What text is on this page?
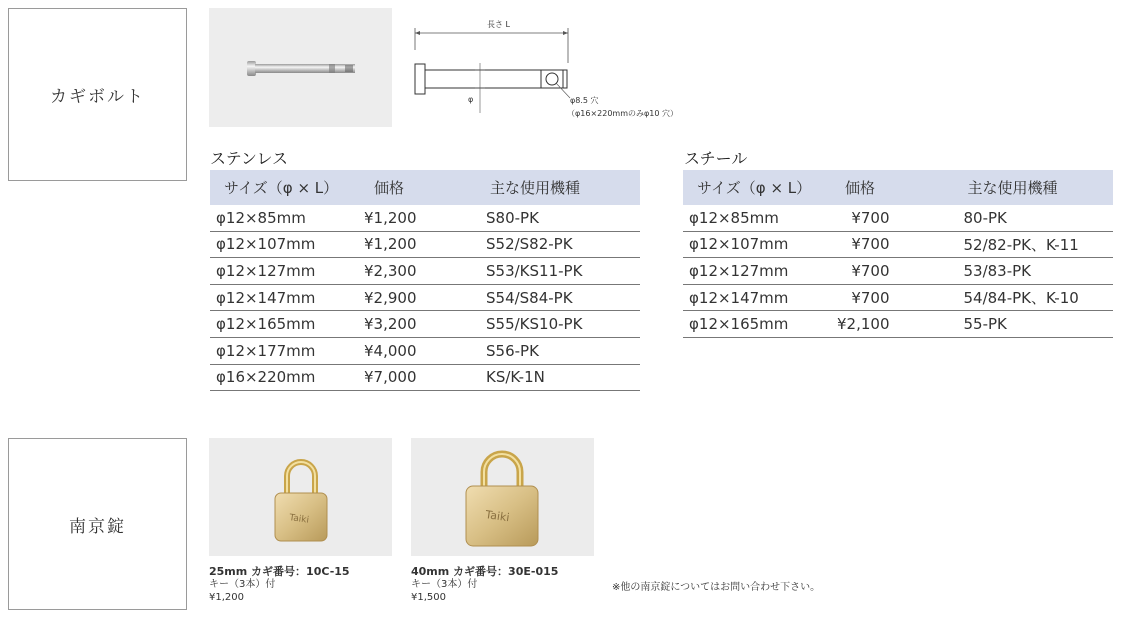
カギボルト
南京錠
長さ L
φ	φ8.5 穴
（φ16×220mmのみφ10 穴）
ステンレス
サイズ（φ × L）	価格	主な使用機種
φ12×85mm	¥1,200	S80-PK
φ12×107mm	¥1,200	S52/S82-PK
φ12×127mm	¥2,300	S53/KS11-PK
φ12×147mm	¥2,900	S54/S84-PK
φ12×165mm	¥3,200	S55/KS10-PK
φ12×177mm	¥4,000	S56-PK
φ16×220mm	¥7,000	KS/K-1N
スチール
サイズ（φ × L）	価格	主な使用機種
φ12×85mm	¥700	80-PK
φ12×107mm	¥700	52/82-PK、K-11
φ12×127mm	¥700	53/83-PK
φ12×147mm	¥700	54/84-PK、K-10
φ12×165mm	¥2,100	55-PK
Taiki	Taiki
25mm カギ番号：10C-15
キー（3本）付
¥1,200
40mm カギ番号：30E-015
キー（3本）付
¥1,500
※他の南京錠についてはお問い合わせ下さい。
